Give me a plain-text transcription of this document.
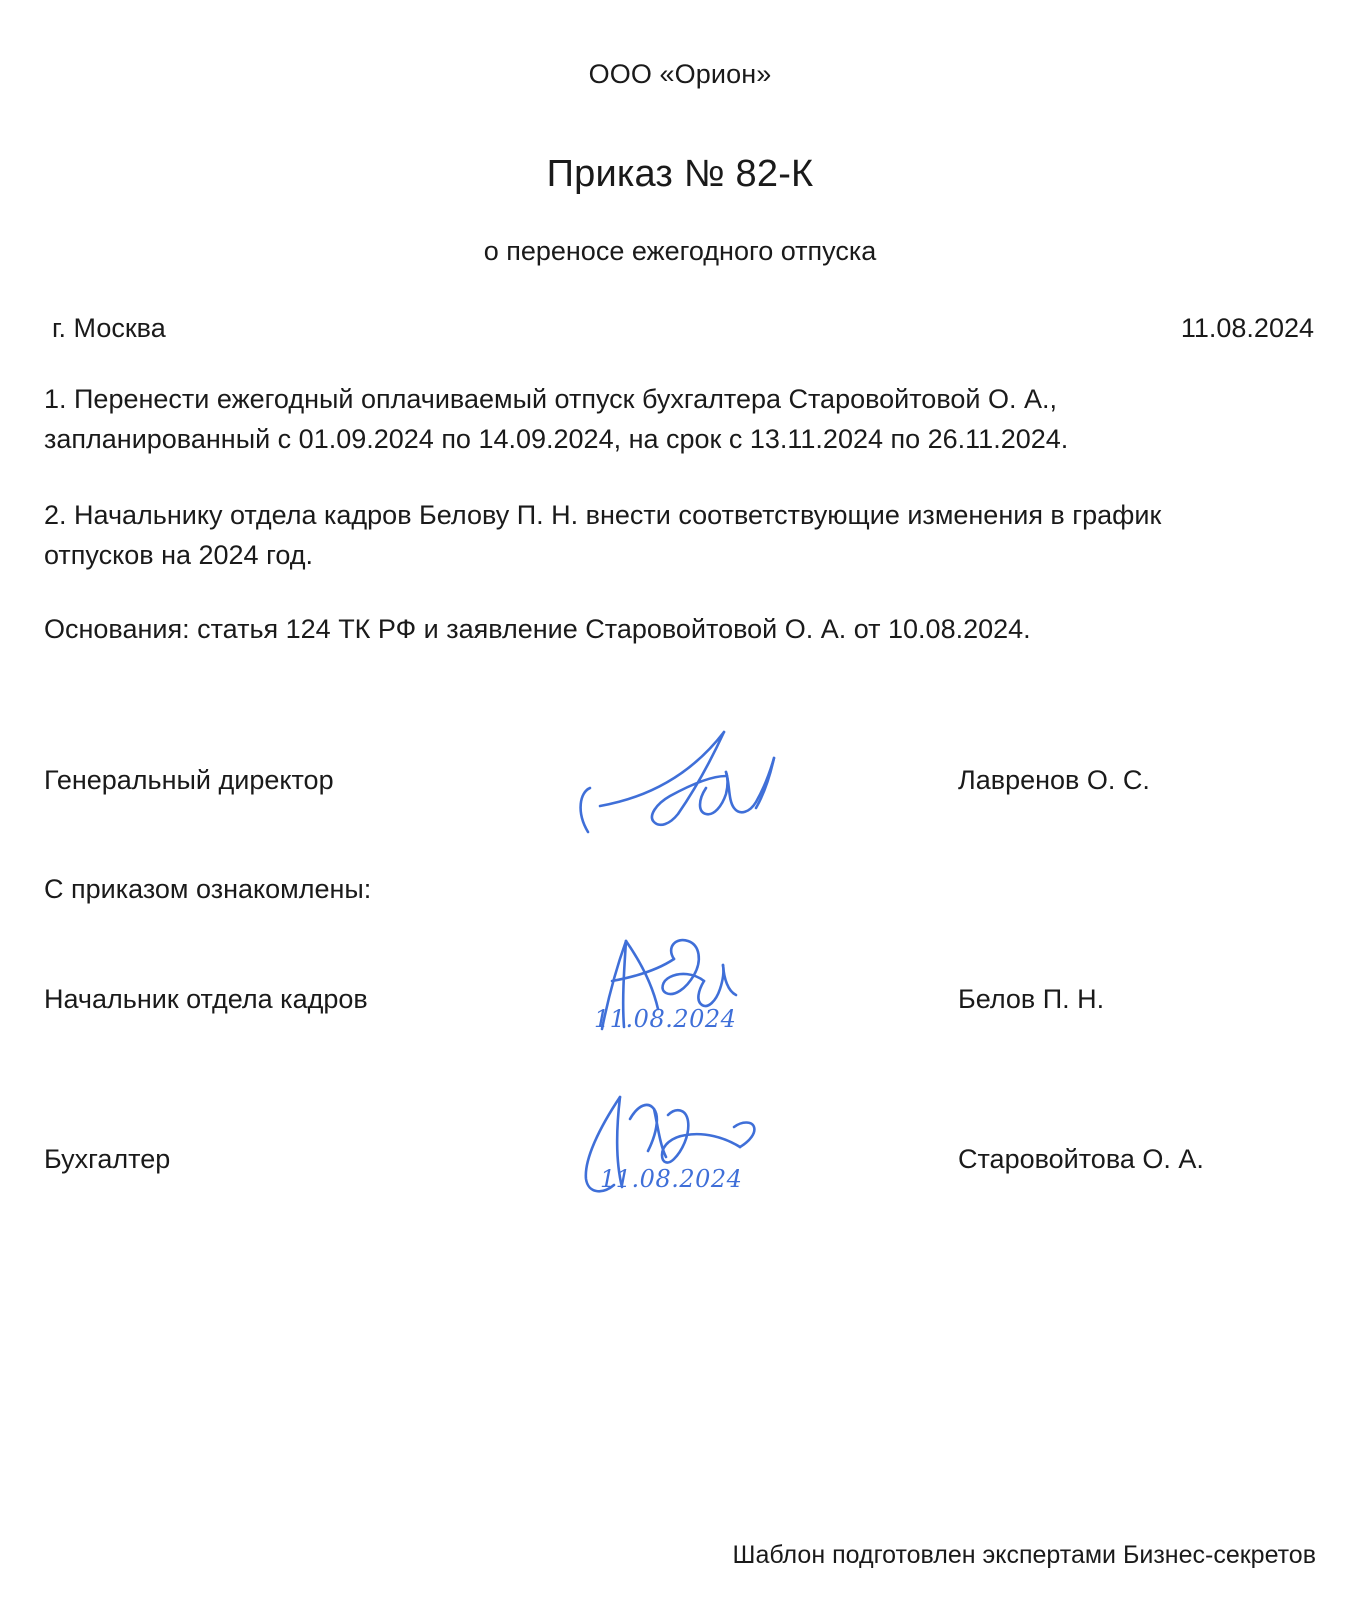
ООО «Орион»
Приказ № 82-К
о переносе ежегодного отпуска
г. Москва	11.08.2024
1. Перенести ежегодный оплачиваемый отпуск бухгалтера Старовойтовой О. А., запланированный с 01.09.2024 по 14.09.2024, на срок с 13.11.2024 по 26.11.2024.
2. Начальнику отдела кадров Белову П. Н. внести соответствующие изменения в график отпусков на 2024 год.
Основания: статья 124 ТК РФ и заявление Старовойтовой О. А. от 10.08.2024.
Генеральный директор	Лавренов О. С.
С приказом ознакомлены:
Начальник отдела кадров
11.08.2024
Белов П. Н.
Бухгалтер
11.08.2024
Старовойтова О. А.
Шаблон подготовлен экспертами Бизнес-секретов
